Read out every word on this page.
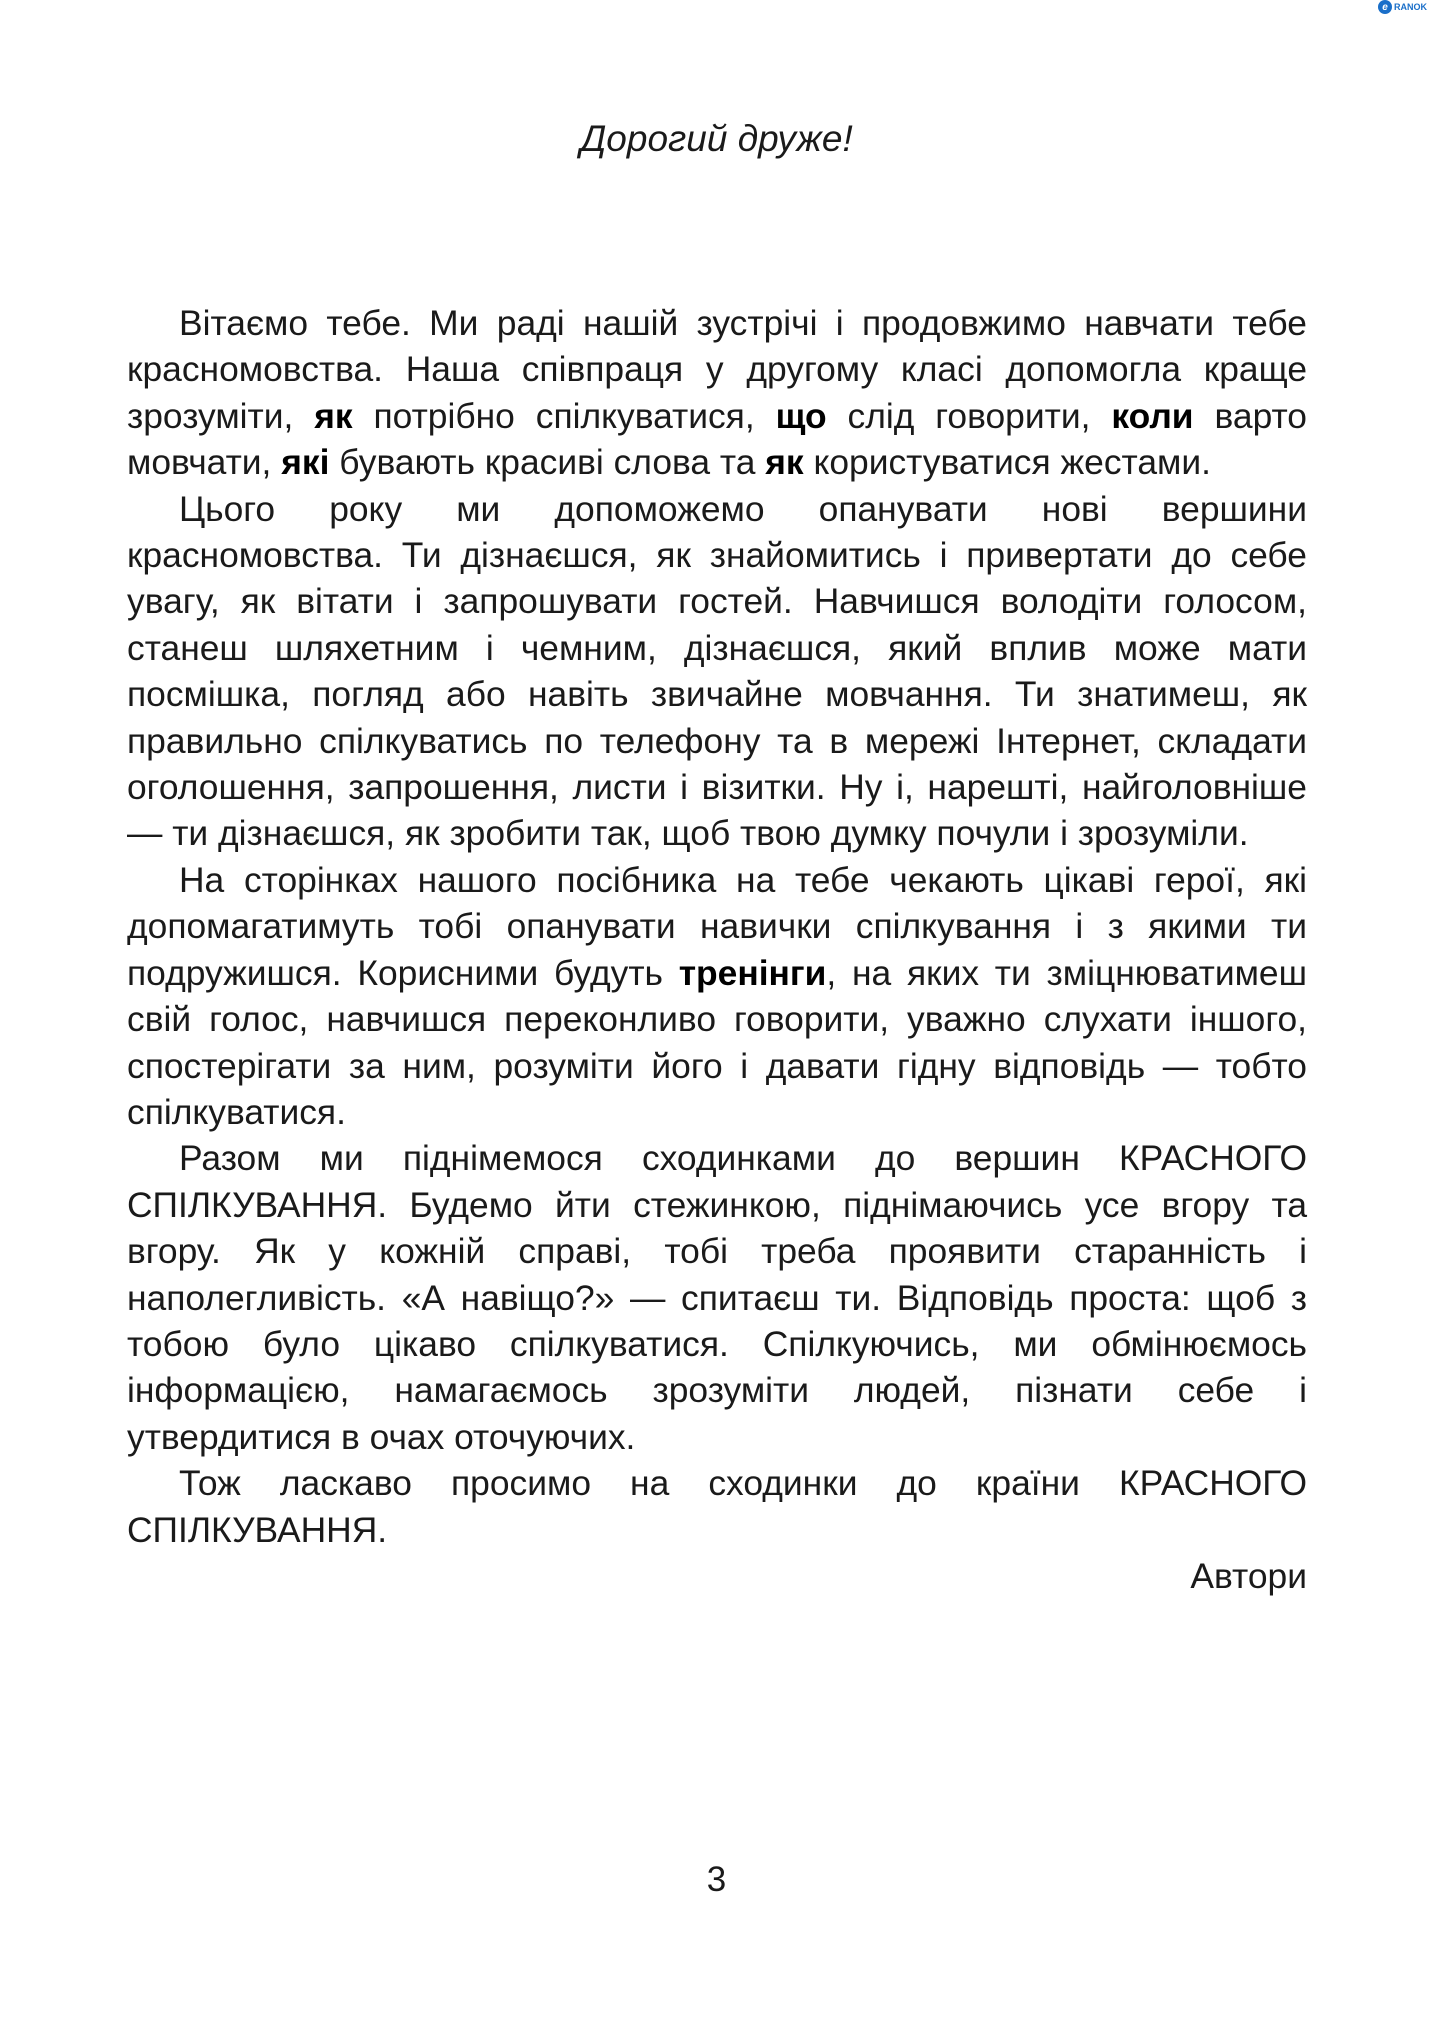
e RANOK
Дорогий друже!

Вітаємо тебе. Ми раді нашій зустрічі і продовжимо навчати тебе красномовства. Наша співпраця у другому класі допомогла краще зрозуміти, як потрібно спілкуватися, що слід говорити, коли варто мовчати, які бувають красиві слова та як користуватися жестами.

Цього року ми допоможемо опанувати нові вершини красномовства. Ти дізнаєшся, як знайомитись і привертати до себе увагу, як вітати і запрошувати гостей. Навчишся володіти голосом, станеш шляхетним і чемним, дізнаєшся, який вплив може мати посмішка, погляд або навіть звичайне мовчання. Ти знатимеш, як правильно спілкуватись по телефону та в мережі Інтернет, складати оголошення, запрошення, листи і візитки. Ну і, нарешті, найголовніше — ти дізнаєшся, як зробити так, щоб твою думку почули і зрозуміли.

На сторінках нашого посібника на тебе чекають цікаві герої, які допомагатимуть тобі опанувати навички спілкування і з якими ти подружишся. Корисними будуть тренінги, на яких ти зміцнюватимеш свій голос, навчишся переконливо говорити, уважно слухати іншого, спостерігати за ним, розуміти його і давати гідну відповідь — тобто спілкуватися.

Разом ми піднімемося сходинками до вершин КРАСНОГО СПІЛКУВАННЯ. Будемо йти стежинкою, піднімаючись усе вгору та вгору. Як у кожній справі, тобі треба проявити старанність і наполегливість. «А навіщо?» — спитаєш ти. Відповідь проста: щоб з тобою було цікаво спілкуватися. Спілкуючись, ми обмінюємось інформацією, намагаємось зрозуміти людей, пізнати себе і утвердитися в очах оточуючих.

Тож ласкаво просимо на сходинки до країни КРАСНОГО СПІЛКУВАННЯ.

Автори

3
